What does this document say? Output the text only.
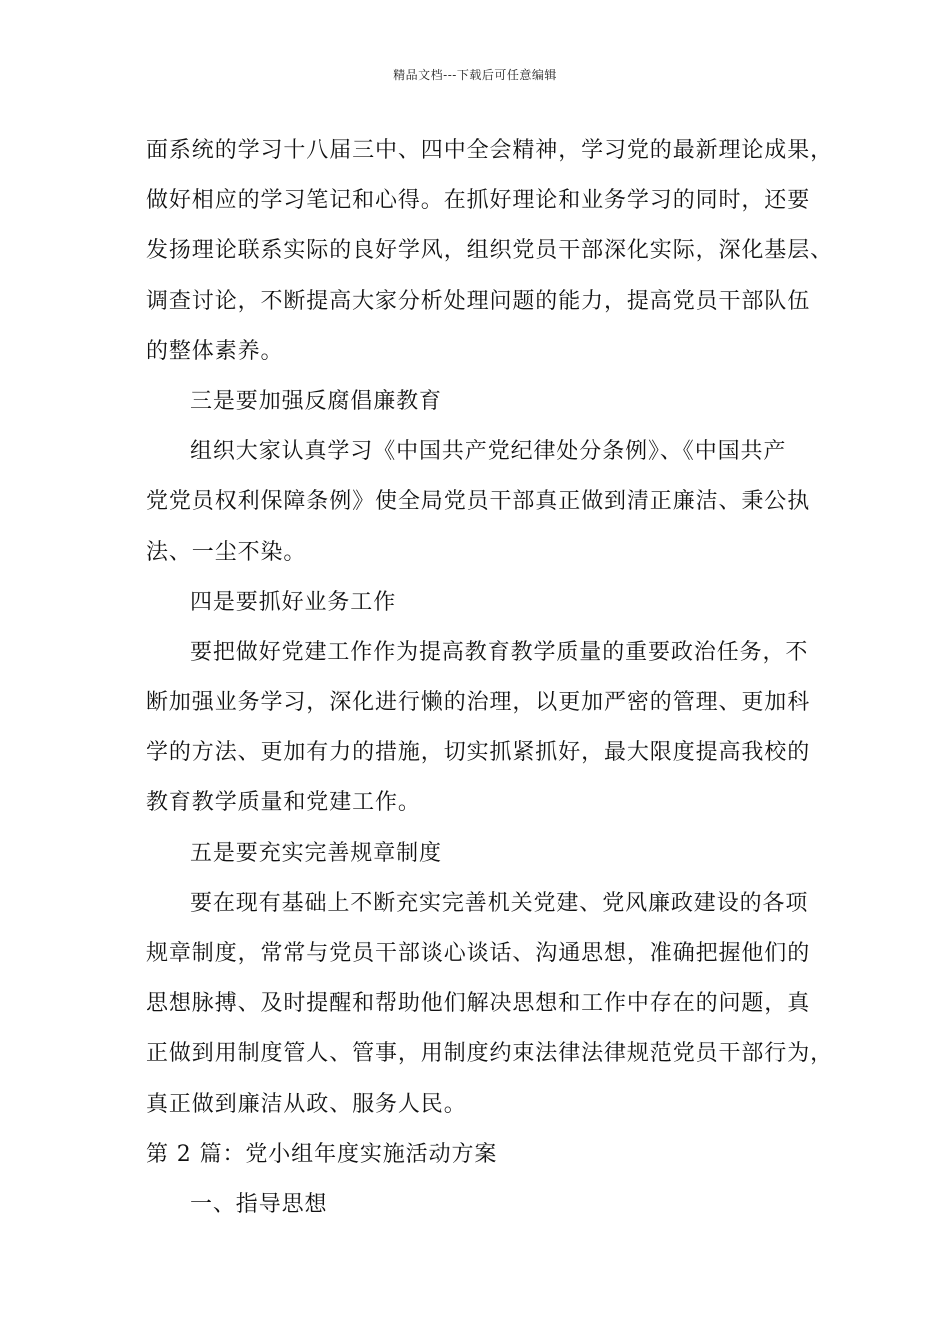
精品文档---下载后可任意编辑
面系统的学习十八届三中、四中全会精神，学习党的最新理论成果，
做好相应的学习笔记和心得。在抓好理论和业务学习的同时，还要
发扬理论联系实际的良好学风，组织党员干部深化实际，深化基层、
调查讨论，不断提高大家分析处理问题的能力，提高党员干部队伍
的整体素养。
三是要加强反腐倡廉教育
组织大家认真学习《中国共产党纪律处分条例》、《中国共产
党党员权利保障条例》使全局党员干部真正做到清正廉洁、秉公执
法、一尘不染。
四是要抓好业务工作
要把做好党建工作作为提高教育教学质量的重要政治任务，不
断加强业务学习，深化进行懒的治理，以更加严密的管理、更加科
学的方法、更加有力的措施，切实抓紧抓好，最大限度提高我校的
教育教学质量和党建工作。
五是要充实完善规章制度
要在现有基础上不断充实完善机关党建、党风廉政建设的各项
规章制度，常常与党员干部谈心谈话、沟通思想，准确把握他们的
思想脉搏、及时提醒和帮助他们解决思想和工作中存在的问题，真
正做到用制度管人、管事，用制度约束法律法律规范党员干部行为，
真正做到廉洁从政、服务人民。
第 2 篇：党小组年度实施活动方案
一、指导思想
